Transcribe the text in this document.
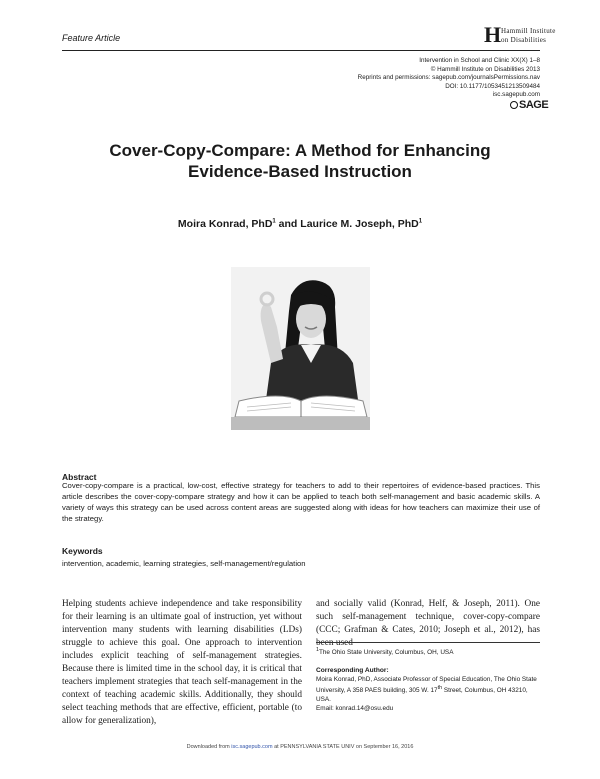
Feature Article	H Hammill Institute
on Disabilities
Intervention in School and Clinic XX(X) 1–8
© Hammill Institute on Disabilities 2013
Reprints and permissions: sagepub.com/journalsPermissions.nav
DOI: 10.1177/1053451213509484
isc.sagepub.com
SAGE
Cover-Copy-Compare: A Method for Enhancing
Evidence-Based Instruction
Moira Konrad, PhD$^1$ and Laurice M. Joseph, PhD$^1$
Abstract
Cover-copy-compare is a practical, low-cost, effective strategy for teachers to add to their repertoires of evidence-based practices. This article describes the cover-copy-compare strategy and how it can be applied to teach both self-management and basic academic skills. A variety of ways this strategy can be used across content areas are suggested along with ideas for how teachers can maximize their use of the strategy.
Keywords
intervention, academic, learning strategies, self-management/regulation
Helping students achieve independence and take responsibility for their learning is an ultimate goal of instruction, yet without intervention many students with learning disabilities (LDs) struggle to achieve this goal. One approach to intervention includes explicit teaching of self-management strategies. Because there is limited time in the school day, it is critical that teachers implement strategies that teach self-management in the context of teaching academic skills. Additionally, they should select teaching methods that are effective, efficient, portable (to allow for generalization),
and socially valid (Konrad, Helf, & Joseph, 2011). One such self-management technique, cover-copy-compare (CCC; Grafman & Cates, 2010; Joseph et al., 2012), has been used
$^1$The Ohio State University, Columbus, OH, USA
Corresponding Author:
Moira Konrad, PhD, Associate Professor of Special Education, The Ohio State University, A 358 PAES building, 305 W. 17th Street, Columbus, OH 43210, USA.
Email: konrad.14@osu.edu
Downloaded from isc.sagepub.com at PENNSYLVANIA STATE UNIV on September 16, 2016
